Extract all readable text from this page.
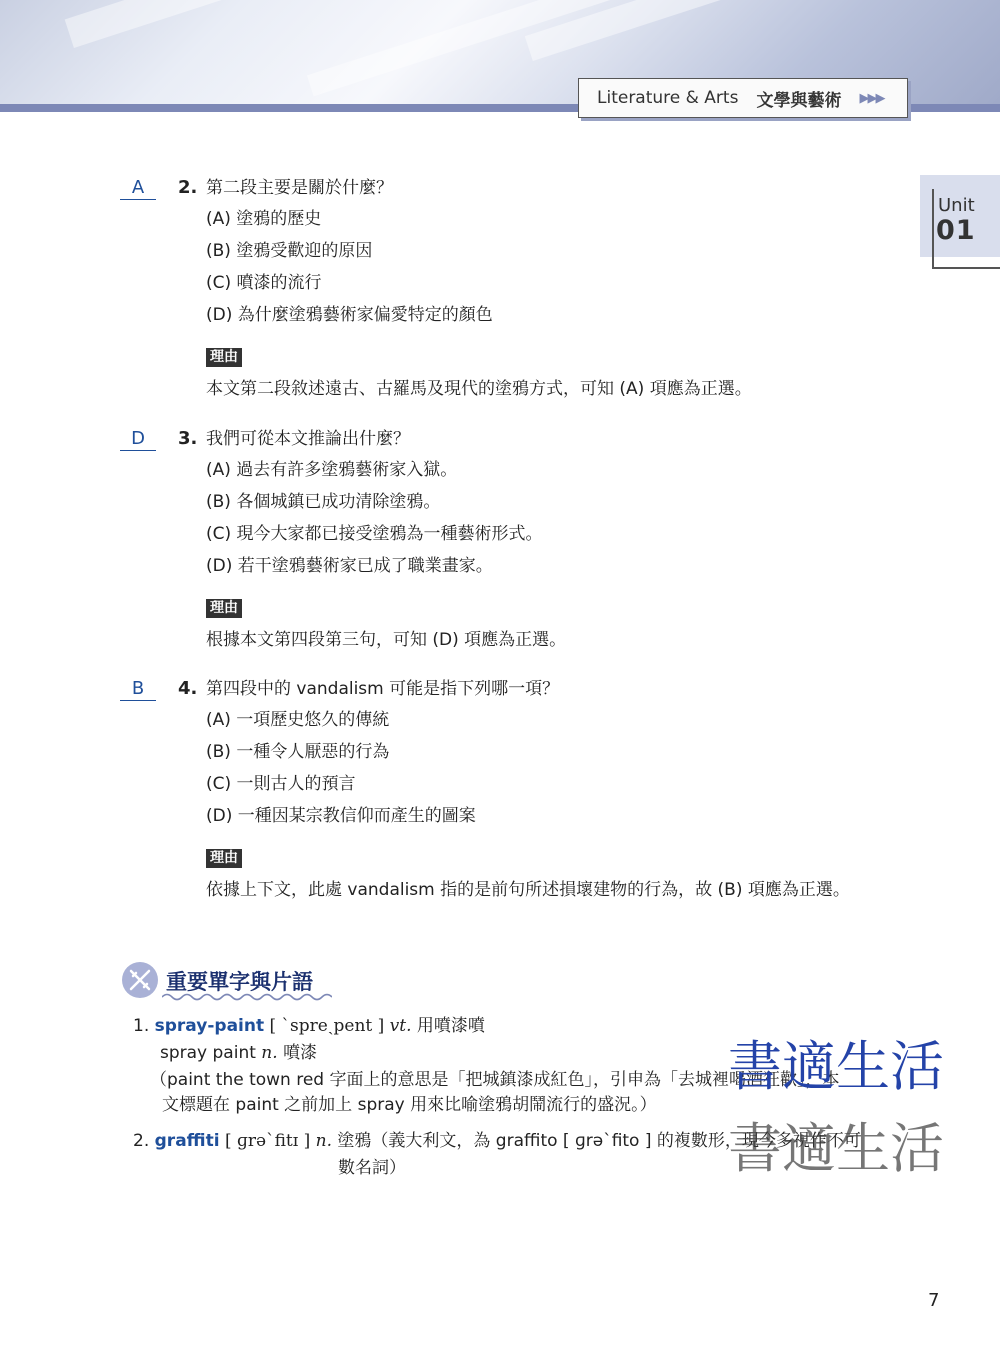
Literature & Arts 文學與藝術 ▶▶▶
Unit
01
A	2. 第二段主要是關於什麼？
(A) 塗鴉的歷史
(B) 塗鴉受歡迎的原因
(C) 噴漆的流行
(D) 為什麼塗鴉藝術家偏愛特定的顏色
理由
本文第二段敘述遠古、古羅馬及現代的塗鴉方式，可知 (A) 項應為正選。
D	3. 我們可從本文推論出什麼？
(A) 過去有許多塗鴉藝術家入獄。
(B) 各個城鎮已成功清除塗鴉。
(C) 現今大家都已接受塗鴉為一種藝術形式。
(D) 若干塗鴉藝術家已成了職業畫家。
理由
根據本文第四段第三句，可知 (D) 項應為正選。
B	4. 第四段中的 vandalism 可能是指下列哪一項？
(A) 一項歷史悠久的傳統
(B) 一種令人厭惡的行為
(C) 一則古人的預言
(D) 一種因某宗教信仰而產生的圖案
理由
依據上下文，此處 vandalism 指的是前句所述損壞建物的行為，故 (B) 項應為正選。
重要單字與片語
1. spray-paint [ ˋspreˏpent ] vt. 用噴漆噴
spray paint n. 噴漆
（paint the town red 字面上的意思是「把城鎮漆成紅色」，引申為「去城裡喝酒狂歡」，本
文標題在 paint 之前加上 spray 用來比喻塗鴉胡鬧流行的盛況。）
2. graffiti [ ɡrəˋfitɪ ] n. 塗鴉（義大利文，為 graffito [ ɡrəˋfito ] 的複數形，現今多視作不可
數名詞）
書適生活
書適生活
7
